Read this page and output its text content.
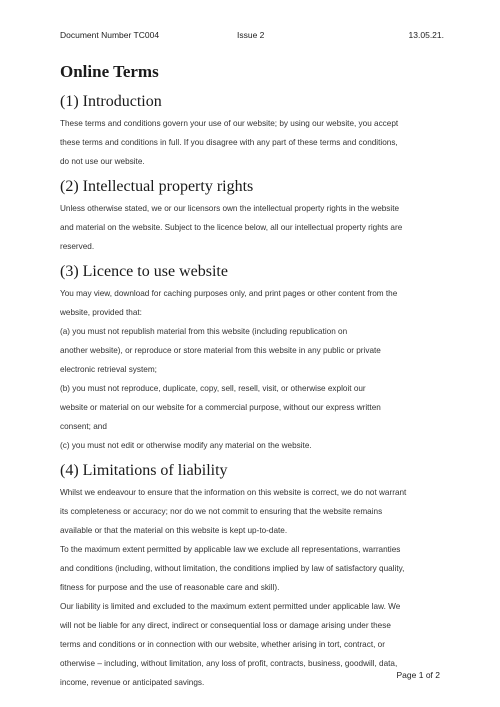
Document Number TC004	Issue 2	13.05.21.
Online Terms
(1) Introduction

These terms and conditions govern your use of our website; by using our website, you accept

these terms and conditions in full. If you disagree with any part of these terms and conditions,

do not use our website.

(2) Intellectual property rights

Unless otherwise stated, we or our licensors own the intellectual property rights in the website

and material on the website. Subject to the licence below, all our intellectual property rights are

reserved.

(3) Licence to use website

You may view, download for caching purposes only, and print pages or other content from the

website, provided that:

(a) you must not republish material from this website (including republication on

another website), or reproduce or store material from this website in any public or private

electronic retrieval system;

(b) you must not reproduce, duplicate, copy, sell, resell, visit, or otherwise exploit our

website or material on our website for a commercial purpose, without our express written

consent; and

(c) you must not edit or otherwise modify any material on the website.

(4) Limitations of liability

Whilst we endeavour to ensure that the information on this website is correct, we do not warrant

its completeness or accuracy; nor do we not commit to ensuring that the website remains

available or that the material on this website is kept up-to-date.

To the maximum extent permitted by applicable law we exclude all representations, warranties

and conditions (including, without limitation, the conditions implied by law of satisfactory quality,

fitness for purpose and the use of reasonable care and skill).

Our liability is limited and excluded to the maximum extent permitted under applicable law. We

will not be liable for any direct, indirect or consequential loss or damage arising under these

terms and conditions or in connection with our website, whether arising in tort, contract, or

otherwise – including, without limitation, any loss of profit, contracts, business, goodwill, data,

income, revenue or anticipated savings.

Page 1 of 2
